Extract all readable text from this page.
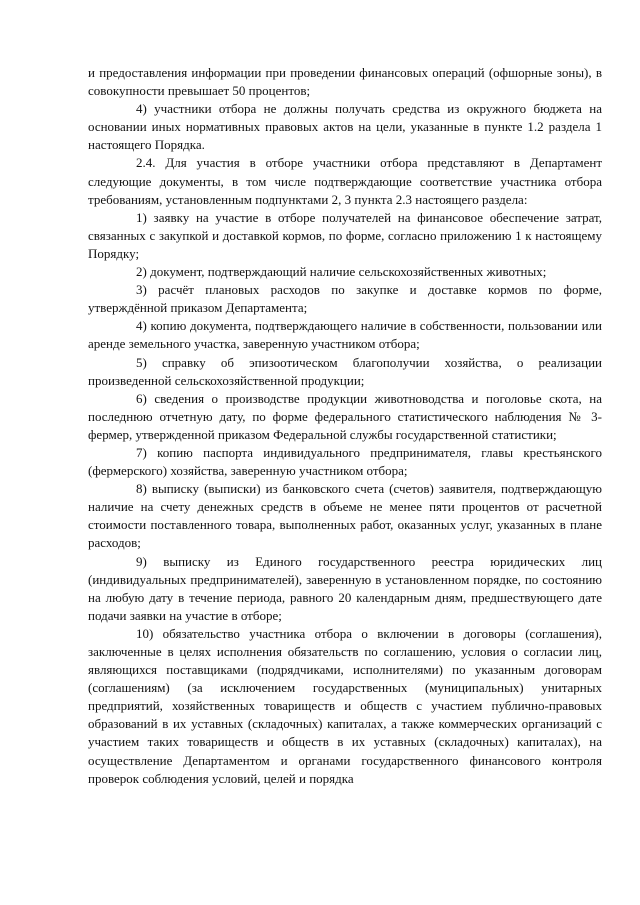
и предоставления информации при проведении финансовых операций (офшорные зоны), в совокупности превышает 50 процентов;

4) участники отбора не должны получать средства из окружного бюджета на основании иных нормативных правовых актов на цели, указанные в пункте 1.2 раздела 1 настоящего Порядка.

2.4. Для участия в отборе участники отбора представляют в Департамент следующие документы, в том числе подтверждающие соответствие участника отбора требованиям, установленным подпунктами 2, 3 пункта 2.3 настоящего раздела:

1) заявку на участие в отборе получателей на финансовое обеспечение затрат, связанных с закупкой и доставкой кормов, по форме, согласно приложению 1 к настоящему Порядку;

2) документ, подтверждающий наличие сельскохозяйственных животных;

3) расчёт плановых расходов по закупке и доставке кормов по форме, утверждённой приказом Департамента;

4) копию документа, подтверждающего наличие в собственности, пользовании или аренде земельного участка, заверенную участником отбора;

5) справку об эпизоотическом благополучии хозяйства, о реализации произведенной сельскохозяйственной продукции;

6) сведения о производстве продукции животноводства и поголовье скота, на последнюю отчетную дату, по форме федерального статистического наблюдения № 3-фермер, утвержденной приказом Федеральной службы государственной статистики;

7) копию паспорта индивидуального предпринимателя, главы крестьянского (фермерского) хозяйства, заверенную участником отбора;

8) выписку (выписки) из банковского счета (счетов) заявителя, подтверждающую наличие на счету денежных средств в объеме не менее пяти процентов от расчетной стоимости поставленного товара, выполненных работ, оказанных услуг, указанных в плане расходов;

9) выписку из Единого государственного реестра юридических лиц (индивидуальных предпринимателей), заверенную в установленном порядке, по состоянию на любую дату в течение периода, равного 20 календарным дням, предшествующего дате подачи заявки на участие в отборе;

10) обязательство участника отбора о включении в договоры (соглашения), заключенные в целях исполнения обязательств по соглашению, условия о согласии лиц, являющихся поставщиками (подрядчиками, исполнителями) по указанным договорам (соглашениям) (за исключением государственных (муниципальных) унитарных предприятий, хозяйственных товариществ и обществ с участием публично-правовых образований в их уставных (складочных) капиталах, а также коммерческих организаций с участием таких товариществ и обществ в их уставных (складочных) капиталах), на осуществление Департаментом и органами государственного финансового контроля проверок соблюдения условий, целей и порядка
